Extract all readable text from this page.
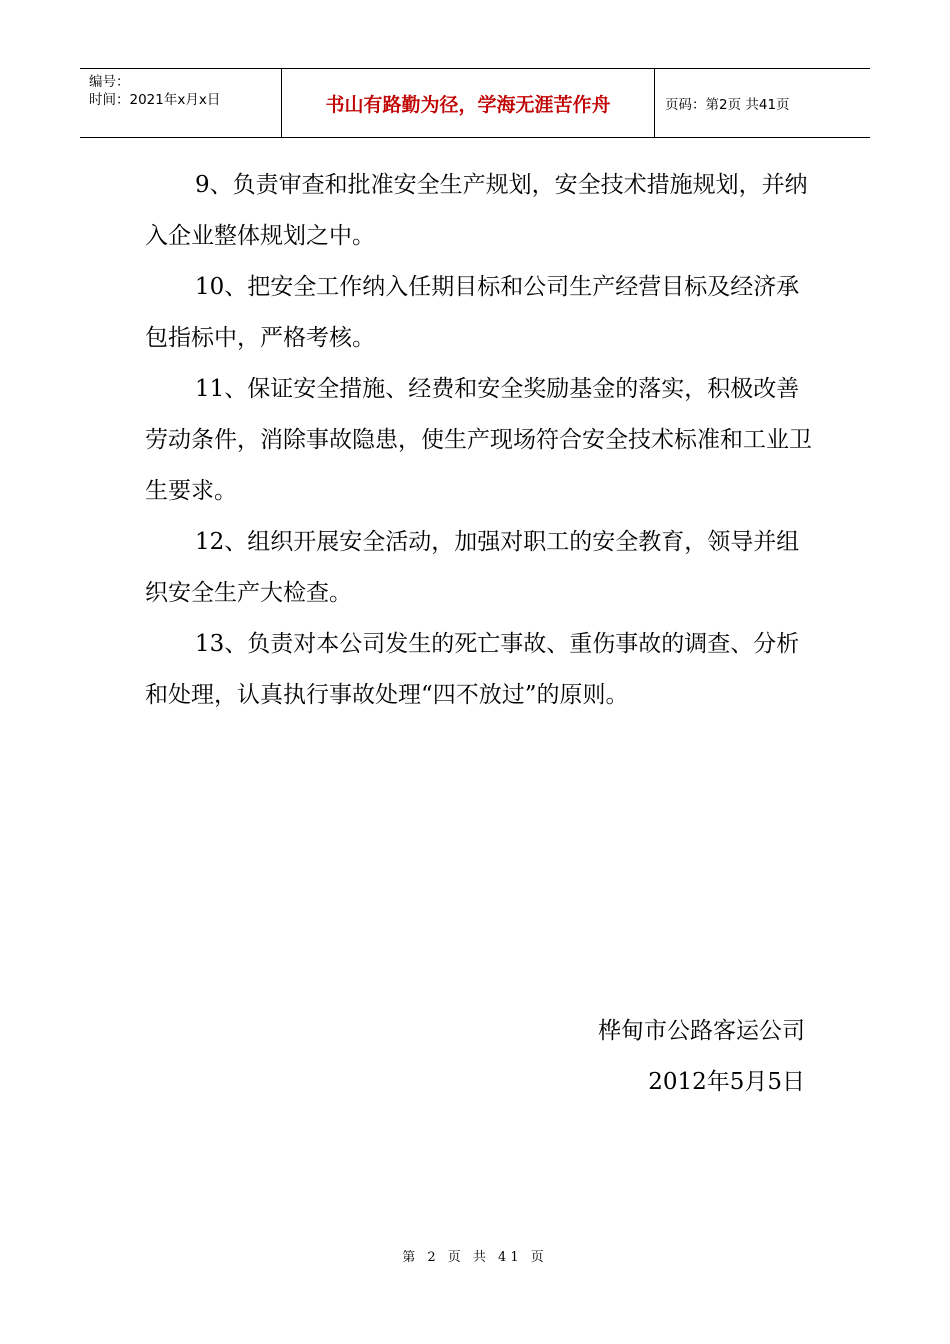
编号：
时间：2021年x月x日	书山有路勤为径，学海无涯苦作舟	页码：第2页 共41页

9、负责审查和批准安全生产规划，安全技术措施规划，并纳入企业整体规划之中。

10、把安全工作纳入任期目标和公司生产经营目标及经济承包指标中，严格考核。

11、保证安全措施、经费和安全奖励基金的落实，积极改善劳动条件，消除事故隐患，使生产现场符合安全技术标准和工业卫生要求。

12、组织开展安全活动，加强对职工的安全教育，领导并组织安全生产大检查。

13、负责对本公司发生的死亡事故、重伤事故的调查、分析和处理，认真执行事故处理“四不放过”的原则。

桦甸市公路客运公司
2012年5月5日
第 2 页 共 41 页
